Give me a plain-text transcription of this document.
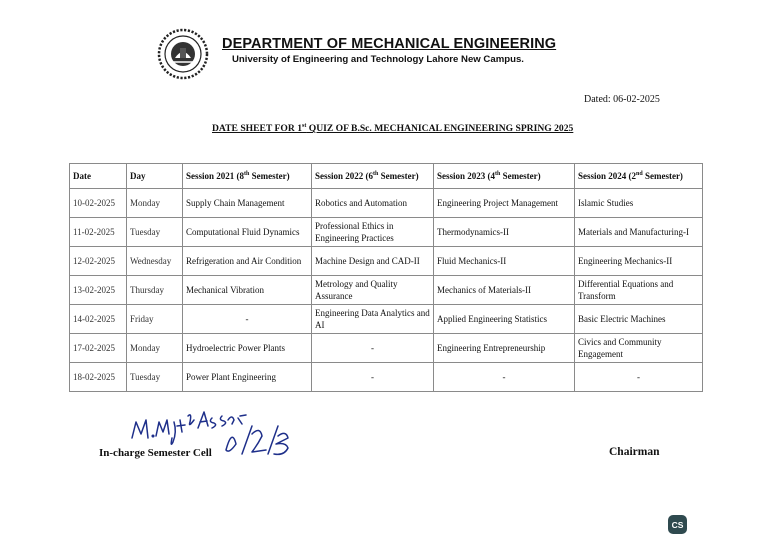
DEPARTMENT OF MECHANICAL ENGINEERING
University of Engineering and Technology Lahore New Campus.
Dated: 06-02-2025
DATE SHEET FOR 1st QUIZ OF B.Sc. MECHANICAL ENGINEERING SPRING 2025
Date	Day	Session 2021 (8th Semester)	Session 2022 (6th Semester)	Session 2023 (4th Semester)	Session 2024 (2nd Semester)
10-02-2025	Monday	Supply Chain Management	Robotics and Automation	Engineering Project Management	Islamic Studies
11-02-2025	Tuesday	Computational Fluid Dynamics	Professional Ethics in Engineering Practices	Thermodynamics-II	Materials and Manufacturing-I
12-02-2025	Wednesday	Refrigeration and Air Condition	Machine Design and CAD-II	Fluid Mechanics-II	Engineering Mechanics-II
13-02-2025	Thursday	Mechanical Vibration	Metrology and Quality Assurance	Mechanics of Materials-II	Differential Equations and Transform
14-02-2025	Friday	-	Engineering Data Analytics and AI	Applied Engineering Statistics	Basic Electric Machines
17-02-2025	Monday	Hydroelectric Power Plants	-	Engineering Entrepreneurship	Civics and Community Engagement
18-02-2025	Tuesday	Power Plant Engineering	-	-	-
In-charge Semester Cell	Chairman
CS
